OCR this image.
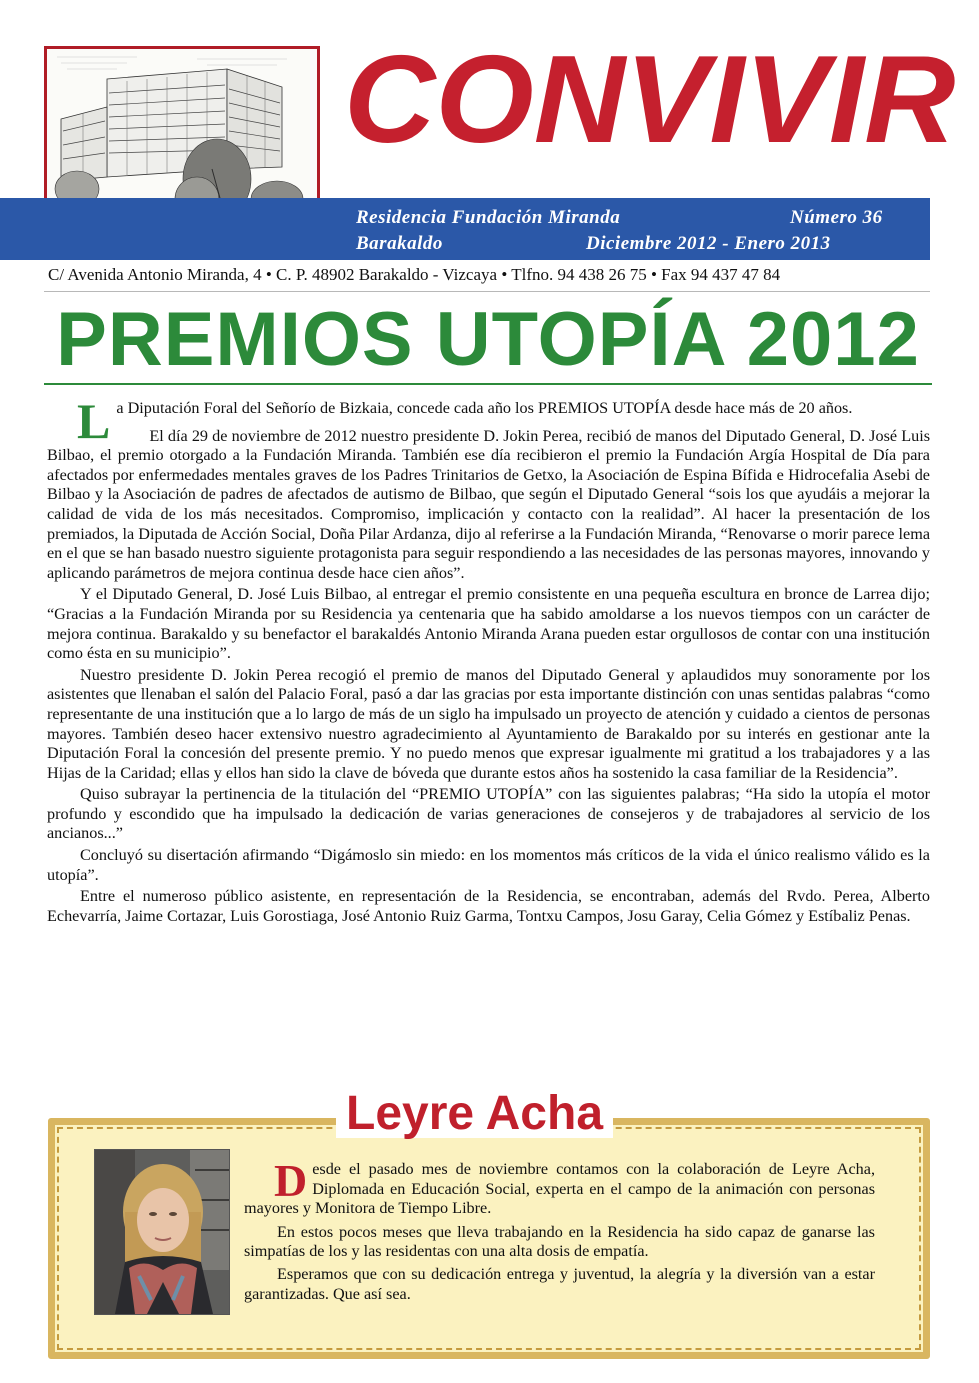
CONVIVIR
Residencia Fundación Miranda
Barakaldo
Número 36
Diciembre 2012 - Enero 2013
C/ Avenida Antonio Miranda, 4 • C. P. 48902 Barakaldo - Vizcaya • Tlfno. 94 438 26 75 • Fax 94 437 47 84
PREMIOS UTOPÍA 2012

La Diputación Foral del Señorío de Bizkaia, concede cada año los PREMIOS UTOPÍA desde hace más de 20 años.

El día 29 de noviembre de 2012 nuestro presidente D. Jokin Perea, recibió de manos del Diputado General, D. José Luis Bilbao, el premio otorgado a la Fundación Miranda. También ese día recibieron el premio la Fundación Argía Hospital de Día para afectados por enfermedades mentales graves de los Padres Trinitarios de Getxo, la Asociación de Espina Bífida e Hidrocefalia Asebi de Bilbao y la Asociación de padres de afectados de autismo de Bilbao, que según el Diputado General “sois los que ayudáis a mejorar la calidad de vida de los más necesitados. Compromiso, implicación y contacto con la realidad”. Al hacer la presentación de los premiados, la Diputada de Acción Social, Doña Pilar Ardanza, dijo al referirse a la Fundación Miranda, “Renovarse o morir parece lema en el que se han basado nuestro siguiente protagonista para seguir respondiendo a las necesidades de las personas mayores, innovando y aplicando parámetros de mejora continua desde hace cien años”.

Y el Diputado General, D. José Luis Bilbao, al entregar el premio consistente en una pequeña escultura en bronce de Larrea dijo; “Gracias a la Fundación Miranda por su Residencia ya centenaria que ha sabido amoldarse a los nuevos tiempos con un carácter de mejora continua. Barakaldo y su benefactor el barakaldés Antonio Miranda Arana pueden estar orgullosos de contar con una institución como ésta en su municipio”.

Nuestro presidente D. Jokin Perea recogió el premio de manos del Diputado General y aplaudidos muy sonoramente por los asistentes que llenaban el salón del Palacio Foral, pasó a dar las gracias por esta importante distinción con unas sentidas palabras “como representante de una institución que a lo largo de más de un siglo ha impulsado un proyecto de atención y cuidado a cientos de personas mayores. También deseo hacer extensivo nuestro agradecimiento al Ayuntamiento de Barakaldo por su interés en gestionar ante la Diputación Foral la concesión del presente premio. Y no puedo menos que expresar igualmente mi gratitud a los trabajadores y a las Hijas de la Caridad; ellas y ellos han sido la clave de bóveda que durante estos años ha sostenido la casa familiar de la Residencia”.

Quiso subrayar la pertinencia de la titulación del “PREMIO UTOPÍA” con las siguientes palabras; “Ha sido la utopía el motor profundo y escondido que ha impulsado la dedicación de varias generaciones de consejeros y de trabajadores al servicio de los ancianos...”

Concluyó su disertación afirmando “Digámoslo sin miedo: en los momentos más críticos de la vida el único realismo válido es la utopía”.

Entre el numeroso público asistente, en representación de la Residencia, se encontraban, además del Rvdo. Perea, Alberto Echevarría, Jaime Cortazar, Luis Gorostiaga, José Antonio Ruiz Garma, Tontxu Campos, Josu Garay, Celia Gómez y Estíbaliz Penas.

Leyre Acha

Desde el pasado mes de noviembre contamos con la colaboración de Leyre Acha, Diplomada en Educación Social, experta en el campo de la animación con personas mayores y Monitora de Tiempo Libre.

En estos pocos meses que lleva trabajando en la Residencia ha sido capaz de ganarse las simpatías de los y las residentas con una alta dosis de empatía.

Esperamos que con su dedicación entrega y juventud, la alegría y la diversión van a estar garantizadas. Que así sea.
